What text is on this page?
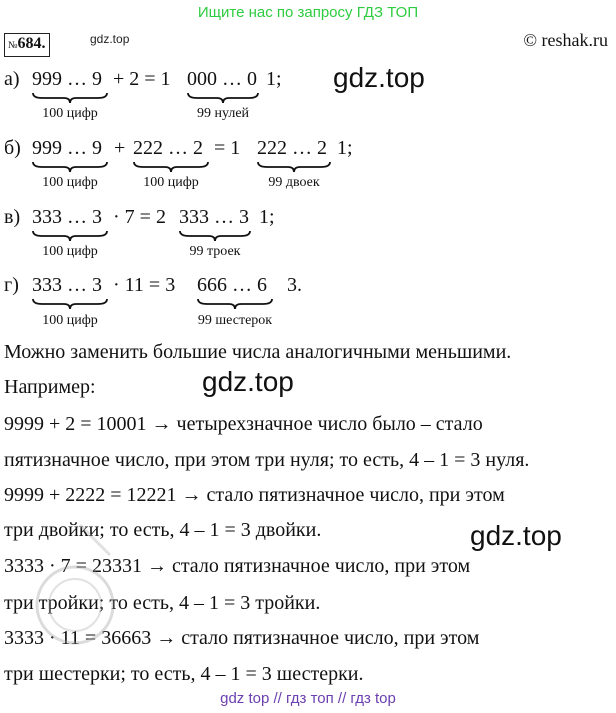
Ищите нас по запросу ГДЗ ТОП
№684.	gdz.top	© reshak.ru
а) 999 … 9 + 2 = 1 000 … 0 1;
100 цифр	99 нулей
gdz.top
б) 999 … 9 + 222 … 2 = 1 222 … 2 1;
100 цифр	100 цифр	99 двоек
в) 333 … 3 · 7 = 2 333 … 3 1;
100 цифр	99 троек
г) 333 … 3 · 11 = 3 666 … 6 3.
100 цифр	99 шестерок
Можно заменить большие числа аналогичными меньшими.
Например:	gdz.top
9999 + 2 = 10001 → четырехзначное число было – стало
пятизначное число, при этом три нуля; то есть, 4 – 1 = 3 нуля.
9999 + 2222 = 12221 → стало пятизначное число, при этом
три двойки; то есть, 4 – 1 = 3 двойки.	gdz.top
3333 · 7 = 23331 → стало пятизначное число, при этом
три тройки; то есть, 4 – 1 = 3 тройки.
3333 · 11 = 36663 → стало пятизначное число, при этом
три шестерки; то есть, 4 – 1 = 3 шестерки.
gdz top // гдз топ // гдз top
